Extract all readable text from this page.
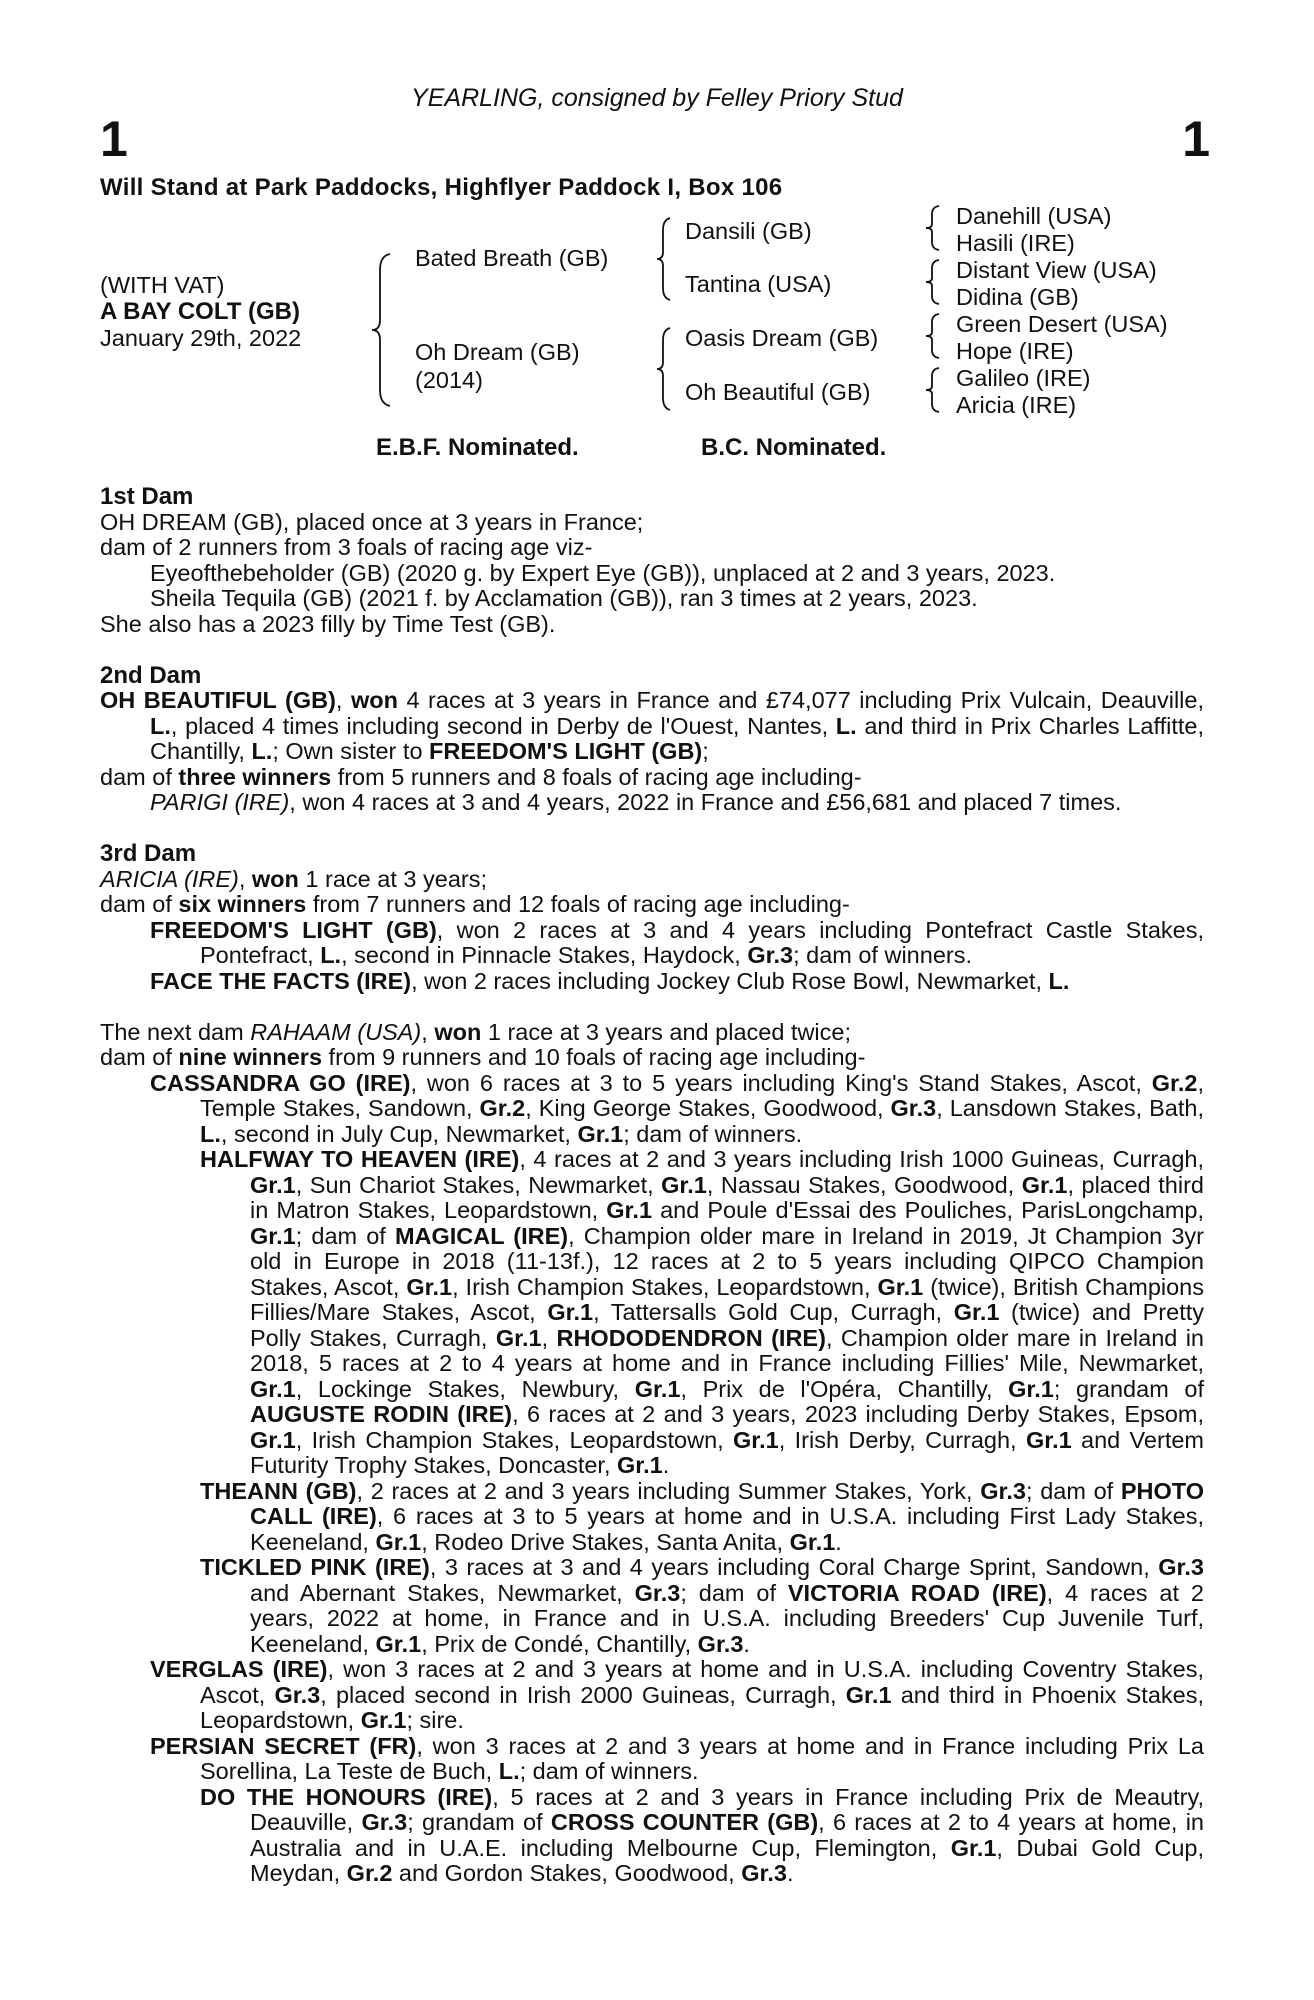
YEARLING, consigned by Felley Priory Stud
1	1
Will Stand at Park Paddocks, Highflyer Paddock I, Box 106
(WITH VAT)
A BAY COLT (GB)
January 29th, 2022
Bated Breath (GB)
Oh Dream (GB)
(2014)
Dansili (GB)
Tantina (USA)
Oasis Dream (GB)
Oh Beautiful (GB)
Danehill (USA)
Hasili (IRE)
Distant View (USA)
Didina (GB)
Green Desert (USA)
Hope (IRE)
Galileo (IRE)
Aricia (IRE)
E.B.F. Nominated.	B.C. Nominated.

1st Dam

OH DREAM (GB), placed once at 3 years in France;

dam of 2 runners from 3 foals of racing age viz-

Eyeofthebeholder (GB) (2020 g. by Expert Eye (GB)), unplaced at 2 and 3 years, 2023.

Sheila Tequila (GB) (2021 f. by Acclamation (GB)), ran 3 times at 2 years, 2023.

She also has a 2023 filly by Time Test (GB).

2nd Dam

OH BEAUTIFUL (GB), won 4 races at 3 years in France and £74,077 including Prix Vulcain, Deauville, L., placed 4 times including second in Derby de l'Ouest, Nantes, L. and third in Prix Charles Laffitte, Chantilly, L.; Own sister to FREEDOM'S LIGHT (GB);

dam of three winners from 5 runners and 8 foals of racing age including-

PARIGI (IRE), won 4 races at 3 and 4 years, 2022 in France and £56,681 and placed 7 times.

3rd Dam

ARICIA (IRE), won 1 race at 3 years;

dam of six winners from 7 runners and 12 foals of racing age including-

FREEDOM'S LIGHT (GB), won 2 races at 3 and 4 years including Pontefract Castle Stakes, Pontefract, L., second in Pinnacle Stakes, Haydock, Gr.3; dam of winners.

FACE THE FACTS (IRE), won 2 races including Jockey Club Rose Bowl, Newmarket, L.

The next dam RAHAAM (USA), won 1 race at 3 years and placed twice;

dam of nine winners from 9 runners and 10 foals of racing age including-

CASSANDRA GO (IRE), won 6 races at 3 to 5 years including King's Stand Stakes, Ascot, Gr.2, Temple Stakes, Sandown, Gr.2, King George Stakes, Goodwood, Gr.3, Lansdown Stakes, Bath, L., second in July Cup, Newmarket, Gr.1; dam of winners.

HALFWAY TO HEAVEN (IRE), 4 races at 2 and 3 years including Irish 1000 Guineas, Curragh, Gr.1, Sun Chariot Stakes, Newmarket, Gr.1, Nassau Stakes, Goodwood, Gr.1, placed third in Matron Stakes, Leopardstown, Gr.1 and Poule d'Essai des Pouliches, ParisLongchamp, Gr.1; dam of MAGICAL (IRE), Champion older mare in Ireland in 2019, Jt Champion 3yr old in Europe in 2018 (11-13f.), 12 races at 2 to 5 years including QIPCO Champion Stakes, Ascot, Gr.1, Irish Champion Stakes, Leopardstown, Gr.1 (twice), British Champions Fillies/Mare Stakes, Ascot, Gr.1, Tattersalls Gold Cup, Curragh, Gr.1 (twice) and Pretty Polly Stakes, Curragh, Gr.1, RHODODENDRON (IRE), Champion older mare in Ireland in 2018, 5 races at 2 to 4 years at home and in France including Fillies' Mile, Newmarket, Gr.1, Lockinge Stakes, Newbury, Gr.1, Prix de l'Opéra, Chantilly, Gr.1; grandam of AUGUSTE RODIN (IRE), 6 races at 2 and 3 years, 2023 including Derby Stakes, Epsom, Gr.1, Irish Champion Stakes, Leopardstown, Gr.1, Irish Derby, Curragh, Gr.1 and Vertem Futurity Trophy Stakes, Doncaster, Gr.1.

THEANN (GB), 2 races at 2 and 3 years including Summer Stakes, York, Gr.3; dam of PHOTO CALL (IRE), 6 races at 3 to 5 years at home and in U.S.A. including First Lady Stakes, Keeneland, Gr.1, Rodeo Drive Stakes, Santa Anita, Gr.1.

TICKLED PINK (IRE), 3 races at 3 and 4 years including Coral Charge Sprint, Sandown, Gr.3 and Abernant Stakes, Newmarket, Gr.3; dam of VICTORIA ROAD (IRE), 4 races at 2 years, 2022 at home, in France and in U.S.A. including Breeders' Cup Juvenile Turf, Keeneland, Gr.1, Prix de Condé, Chantilly, Gr.3.

VERGLAS (IRE), won 3 races at 2 and 3 years at home and in U.S.A. including Coventry Stakes, Ascot, Gr.3, placed second in Irish 2000 Guineas, Curragh, Gr.1 and third in Phoenix Stakes, Leopardstown, Gr.1; sire.

PERSIAN SECRET (FR), won 3 races at 2 and 3 years at home and in France including Prix La Sorellina, La Teste de Buch, L.; dam of winners.

DO THE HONOURS (IRE), 5 races at 2 and 3 years in France including Prix de Meautry, Deauville, Gr.3; grandam of CROSS COUNTER (GB), 6 races at 2 to 4 years at home, in Australia and in U.A.E. including Melbourne Cup, Flemington, Gr.1, Dubai Gold Cup, Meydan, Gr.2 and Gordon Stakes, Goodwood, Gr.3.
